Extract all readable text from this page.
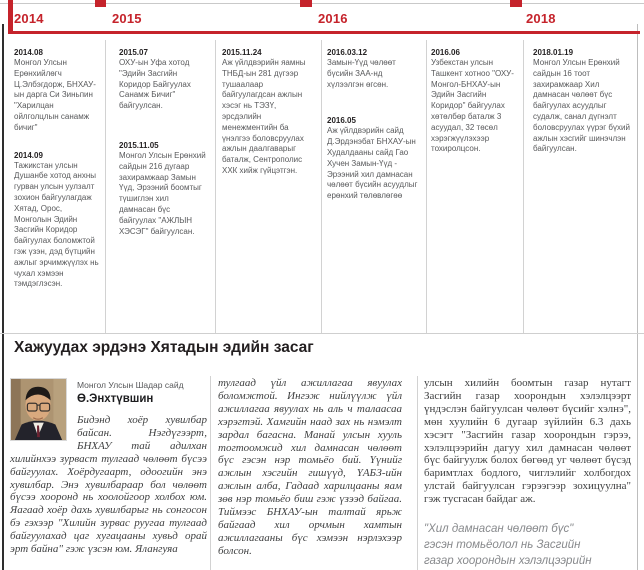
2014	2015	2016	2018
2014.08
Монгол Улсын Ерөнхийлөгч Ц.Элбэгдорж, БНХАУ-ын дарга Си Зиньпин "Харилцан ойлголцлын санамж бичиг"
2014.09
Тажикстан улсын Душанбе хотод анхны гурван улсын уулзалт зохион байгуулагдаж Хятад, Орос, Монголын Эдийн Засгийн Коридор байгуулах боломжтой гэж үзэн, дэд бүтцийн ажлыг эрчимжүүлэх нь чухал хэмээн тэмдэглэсэн.
2015.07
ОХУ-ын Уфа хотод "Эдийн Засгийн Коридор Байгуулах Санамж Бичиг" байгуулсан.
2015.11.05
Монгол Улсын Ерөнхий сайдын 216 дугаар захирамжаар Замын Үүд, Эрээний боомтыг түшиглэн хил дамнасан бүс байгуулах "АЖЛЫН ХЭСЭГ" байгуулсан.
2015.11.24
Аж үйлдвэрийн яамны ТНБД-ын 281 дүгээр тушаалаар байгуулагдсан ажлын хэсэг нь ТЭЗҮ, эрсдэлийн менежментийн ба үнэлгээ боловсруулах ажлын даалгаварыг баталж, Сентрополис ХХК хийж гүйцэтгэн.
2016.03.12
Замын-Үүд чөлөөт бүсийн ЗАА-нд хүлээлгэн өгсөн.
2016.05
Аж үйлдвэрийн сайд Д.Эрдэнэбат БНХАУ-ын Худалдааны сайд Гао Хучен Замын-Үүд - Эрээний хил дамнасан чөлөөт бүсийн асуудлыг ерөнхий төлөвлөгөө
2016.06
Узбекстан улсын Ташкент хотноо "ОХУ-Монгол-БНХАУ-ын Эдийн Засгийн Коридор" байгуулах хөтөлбөр баталж 3 асуудал, 32 төсөл хэрэгжүүлэхээр тохиролцсон.
2018.01.19
Монгол Улсын Ерөнхий сайдын 16 тоот захирамжаар Хил дамнасан чөлөөт бүс байгуулах асуудлыг судалж, санал дүгнэлт боловсруулах үүрэг бүхий ажлын хэсгийг шинэчлэн байгуулсан.
Хажуудах эрдэнэ Хятадын эдийн засаг
Монгол Улсын Шадар сайд
Ө.Энхтүвшин

Бидэнд хоёр хувилбар байсан. Нэгдүгээрт, БНХАУ тай адилхан хилийнхээ зурваст тулгаад чөлөөт бүсээ байгуулах. Хоёрдугаарт, одоогийн энэ хувилбар. Энэ хувилбараар бол чөлөөт бүсээ хооронд нь хоолойгоор холбох юм. Яагаад хоёр дахь хувилбарыг нь сонгосон бэ гэхээр "Хилийн зурвас руугаа тулгаад байгуулахад цаг хугацааны хувьд орай эрт байна" гэж үзсэн юм. Ялангуяа

тулгаад үйл ажиллагаа явуулах боломжтой. Ингэж нийлүүлж үйл ажиллагаа явуулах нь аль ч талаасаа хэрэгтэй. Хамгийн наад зах нь нэмэлт зардал багасна. Манай улсын хууль тогтоомжид хил дамнасан чөлөөт бүс гэсэн нэр томьёо бий. Үүнийг ажлын хэсгийн гишүүд, ҮАБЗ-ийн ажлын алба, Гадаад харилцааны яам зөв нэр томьёо биш гэж үзээд байгаа. Тиймээс БНХАУ-ын талтай ярьж байгаад хил орчмын хамтын ажиллагааны бүс хэмээн нэрлэхээр болсон.

улсын хилийн боомтын газар нутагт Засгийн газар хоорондын хэлэлцээрт үндэслэн байгуулсан чөлөөт бүсийг хэлнэ", мөн хуулийн 6 дугаар зүйлийн 6.3 дахь хэсэгт "Засгийн газар хоорондын гэрээ, хэлэлцээрийн дагуу хил дамнасан чөлөөт бүс байгуулж болох бөгөөд уг чөлөөт бүсэд баримтлах бодлого, чиглэлийг холбогдох улстай байгуулсан гэрээгээр зохицуулна" гэж тусгасан байдаг аж.

"Хил дамнасан чөлөөт бүс" гэсэн томьёолол нь Засгийн газар хоорондын хэлэлцээрийн
